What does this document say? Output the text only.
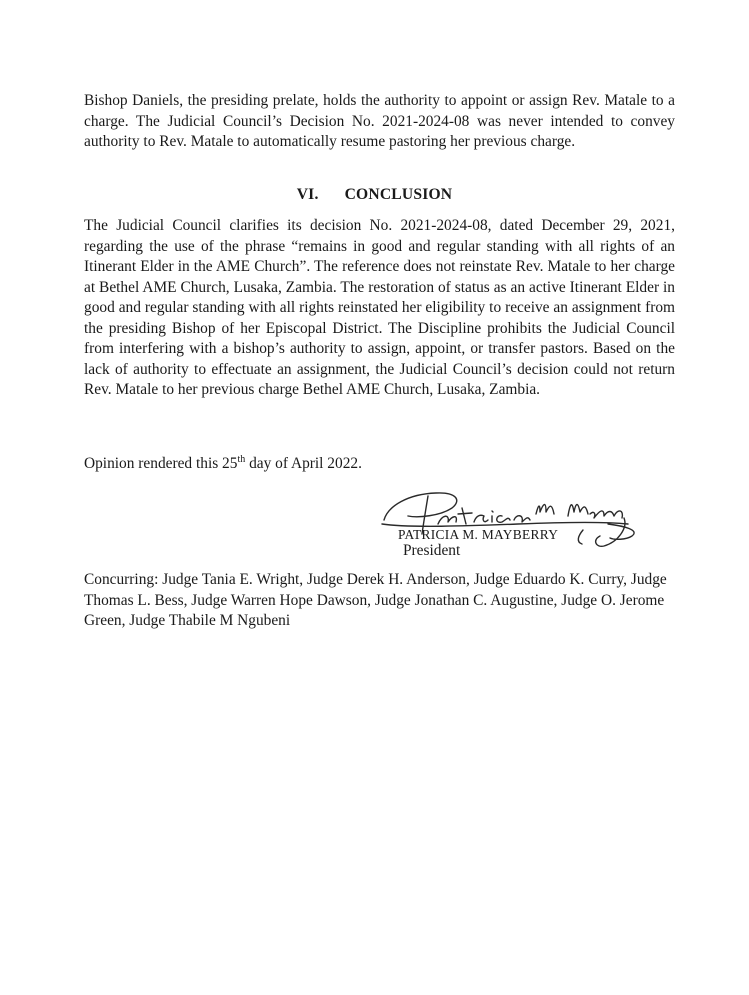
Bishop Daniels, the presiding prelate, holds the authority to appoint or assign Rev. Matale to a charge. The Judicial Council’s Decision No. 2021-2024-08 was never intended to convey authority to Rev. Matale to automatically resume pastoring her previous charge.

VI. CONCLUSION

The Judicial Council clarifies its decision No. 2021-2024-08, dated December 29, 2021, regarding the use of the phrase “remains in good and regular standing with all rights of an Itinerant Elder in the AME Church”. The reference does not reinstate Rev. Matale to her charge at Bethel AME Church, Lusaka, Zambia. The restoration of status as an active Itinerant Elder in good and regular standing with all rights reinstated her eligibility to receive an assignment from the presiding Bishop of her Episcopal District. The Discipline prohibits the Judicial Council from interfering with a bishop’s authority to assign, appoint, or transfer pastors. Based on the lack of authority to effectuate an assignment, the Judicial Council’s decision could not return Rev. Matale to her previous charge Bethel AME Church, Lusaka, Zambia.

Opinion rendered this 25th day of April 2022.

PATRICIA M. MAYBERRY
President

Concurring: Judge Tania E. Wright, Judge Derek H. Anderson, Judge Eduardo K. Curry, Judge Thomas L. Bess, Judge Warren Hope Dawson, Judge Jonathan C. Augustine, Judge O. Jerome Green, Judge Thabile M Ngubeni
